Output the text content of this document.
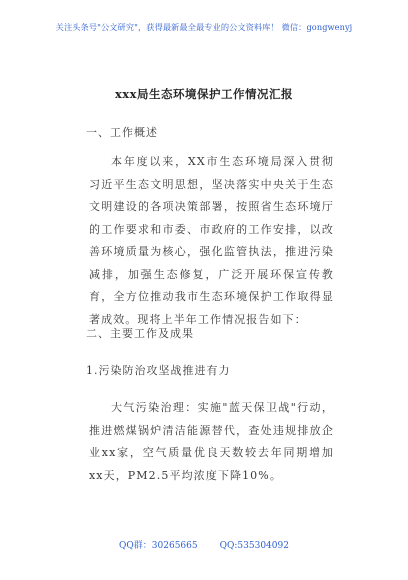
关注头条号"公文研究"，获得最新最全最专业的公文资料库！ 微信：gongwenyj
xxx局生态环境保护工作情况汇报
一、工作概述

本年度以来，XX市生态环境局深入贯彻习近平生态文明思想，坚决落实中央关于生态文明建设的各项决策部署，按照省生态环境厅的工作要求和市委、市政府的工作安排，以改善环境质量为核心，强化监管执法，推进污染减排，加强生态修复，广泛开展环保宣传教育，全方位推动我市生态环境保护工作取得显著成效。现将上半年工作情况报告如下：

二、主要工作及成果
1.污染防治攻坚战推进有力

大气污染治理：实施"蓝天保卫战"行动，推进燃煤锅炉清洁能源替代，查处违规排放企业xx家，空气质量优良天数较去年同期增加xx天，PM2.5平均浓度下降10%。

QQ群：30265665 QQ:535304092
